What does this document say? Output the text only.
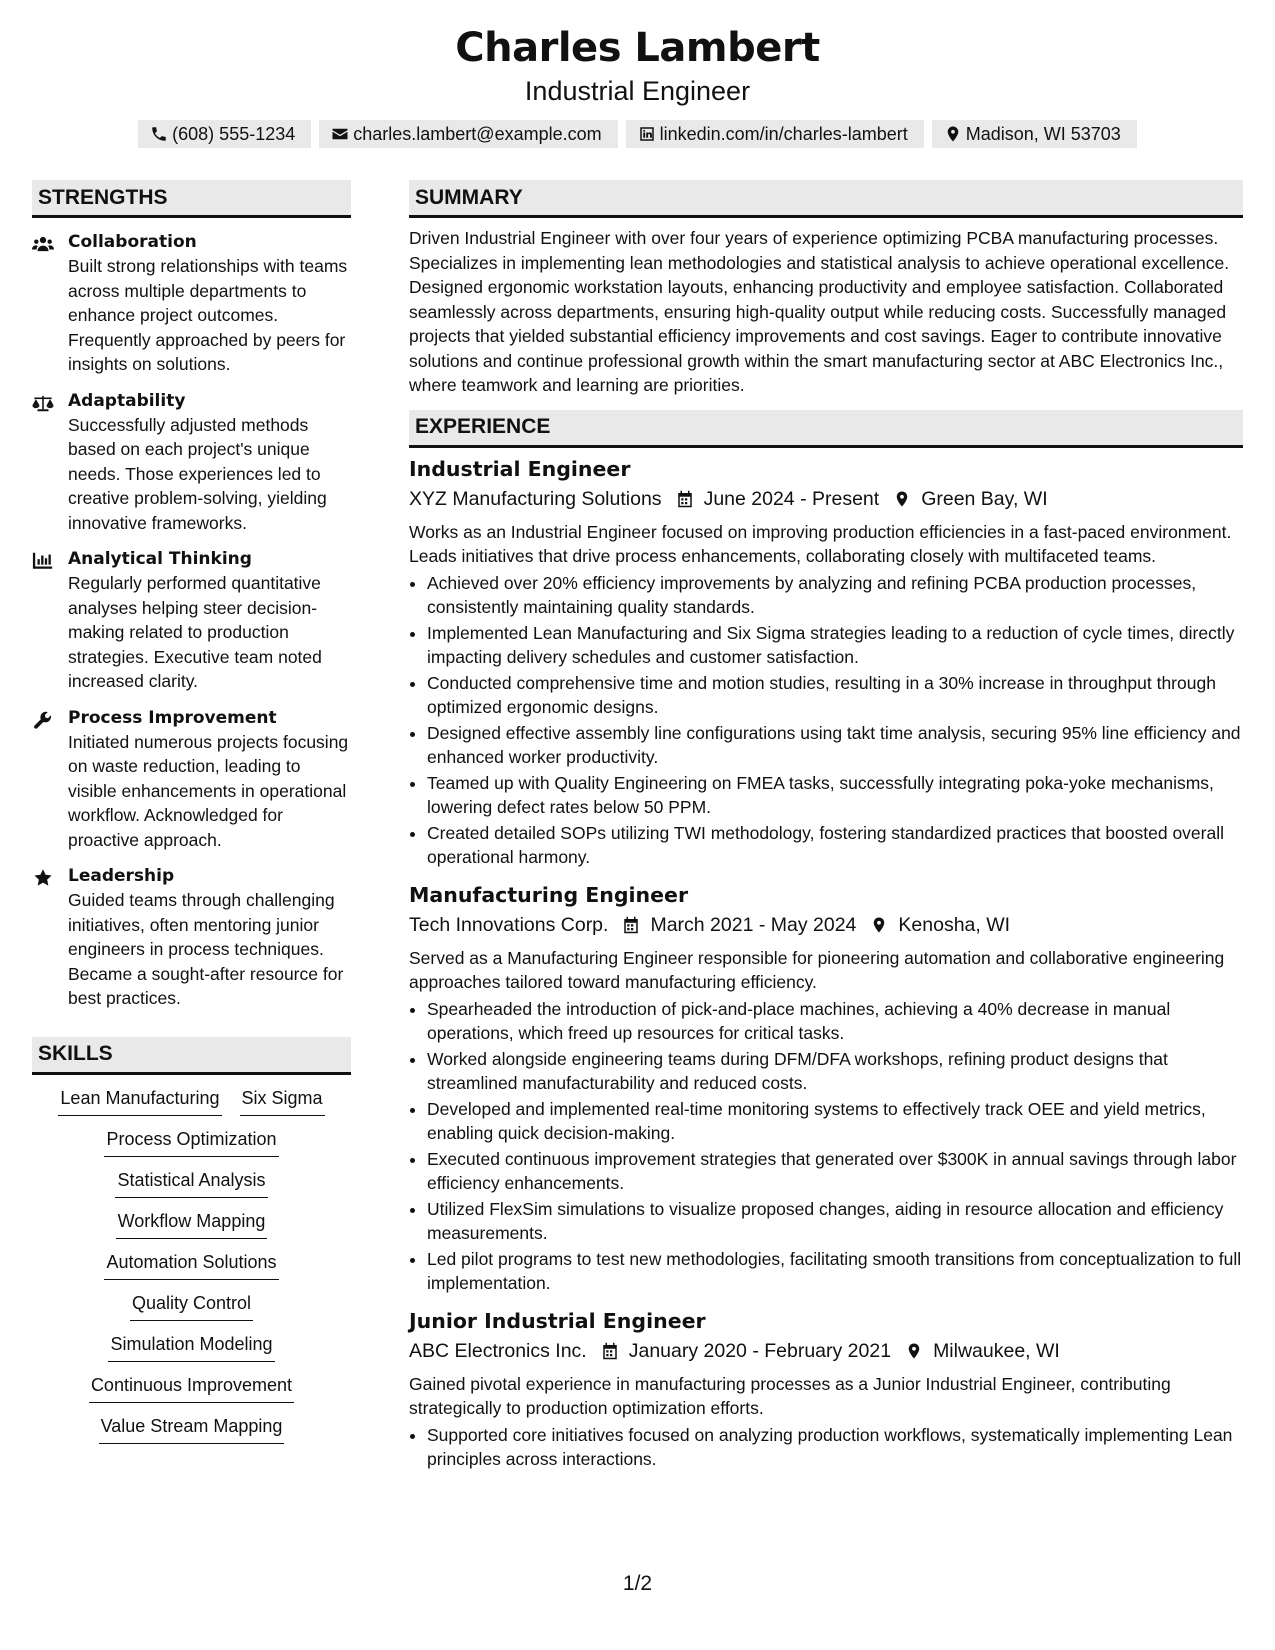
Charles Lambert
Industrial Engineer
(608) 555-1234	charles.lambert@example.com	linkedin.com/in/charles-lambert	Madison, WI 53703
STRENGTHS
Collaboration
Built strong relationships with teams across multiple departments to enhance project outcomes. Frequently approached by peers for insights on solutions.
Adaptability
Successfully adjusted methods based on each project's unique needs. Those experiences led to creative problem-solving, yielding innovative frameworks.
Analytical Thinking
Regularly performed quantitative analyses helping steer decision-making related to production strategies. Executive team noted increased clarity.
Process Improvement
Initiated numerous projects focusing on waste reduction, leading to visible enhancements in operational workflow. Acknowledged for proactive approach.
Leadership
Guided teams through challenging initiatives, often mentoring junior engineers in process techniques. Became a sought-after resource for best practices.
SKILLS
Lean Manufacturing Six Sigma
Process Optimization
Statistical Analysis
Workflow Mapping
Automation Solutions
Quality Control
Simulation Modeling
Continuous Improvement
Value Stream Mapping
SUMMARY
Driven Industrial Engineer with over four years of experience optimizing PCBA manufacturing processes. Specializes in implementing lean methodologies and statistical analysis to achieve operational excellence. Designed ergonomic workstation layouts, enhancing productivity and employee satisfaction. Collaborated seamlessly across departments, ensuring high-quality output while reducing costs. Successfully managed projects that yielded substantial efficiency improvements and cost savings. Eager to contribute innovative solutions and continue professional growth within the smart manufacturing sector at ABC Electronics Inc., where teamwork and learning are priorities.
EXPERIENCE
Industrial Engineer
XYZ Manufacturing Solutions June 2024 - Present Green Bay, WI
Works as an Industrial Engineer focused on improving production efficiencies in a fast-paced environment. Leads initiatives that drive process enhancements, collaborating closely with multifaceted teams.
• Achieved over 20% efficiency improvements by analyzing and refining PCBA production processes, consistently maintaining quality standards.
• Implemented Lean Manufacturing and Six Sigma strategies leading to a reduction of cycle times, directly impacting delivery schedules and customer satisfaction.
• Conducted comprehensive time and motion studies, resulting in a 30% increase in throughput through optimized ergonomic designs.
• Designed effective assembly line configurations using takt time analysis, securing 95% line efficiency and enhanced worker productivity.
• Teamed up with Quality Engineering on FMEA tasks, successfully integrating poka-yoke mechanisms, lowering defect rates below 50 PPM.
• Created detailed SOPs utilizing TWI methodology, fostering standardized practices that boosted overall operational harmony.
Manufacturing Engineer
Tech Innovations Corp. March 2021 - May 2024 Kenosha, WI
Served as a Manufacturing Engineer responsible for pioneering automation and collaborative engineering approaches tailored toward manufacturing efficiency.
• Spearheaded the introduction of pick-and-place machines, achieving a 40% decrease in manual operations, which freed up resources for critical tasks.
• Worked alongside engineering teams during DFM/DFA workshops, refining product designs that streamlined manufacturability and reduced costs.
• Developed and implemented real-time monitoring systems to effectively track OEE and yield metrics, enabling quick decision-making.
• Executed continuous improvement strategies that generated over $300K in annual savings through labor efficiency enhancements.
• Utilized FlexSim simulations to visualize proposed changes, aiding in resource allocation and efficiency measurements.
• Led pilot programs to test new methodologies, facilitating smooth transitions from conceptualization to full implementation.
Junior Industrial Engineer
ABC Electronics Inc. January 2020 - February 2021 Milwaukee, WI
Gained pivotal experience in manufacturing processes as a Junior Industrial Engineer, contributing strategically to production optimization efforts.
• Supported core initiatives focused on analyzing production workflows, systematically implementing Lean principles across interactions.
1/2
